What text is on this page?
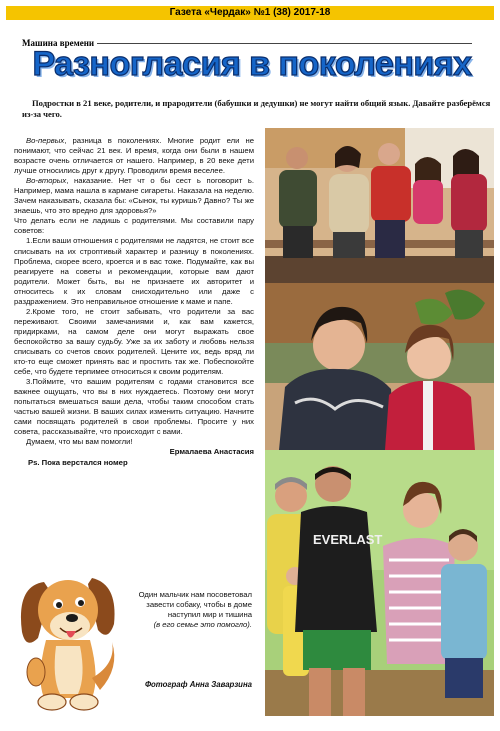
Газета «Чердак» №1 (38) 2017-18
Машина времени
Разногласия в поколениях
Подростки в 21 веке, родители, и прародители (бабушки и дедушки) не могут найти общий язык. Давайте разберёмся из-за чего.

Во-первых, разница в поколениях. Многие родит ели не понимают, что сейчас 21 век. И время, когда они были в нашем возрасте очень отличается от нашего. Например, в 20 веке дети лучше относились друг к другу. Проводили время веселее.

Во-вторых, наказание. Нет чт о бы сест ь поговорит ь. Например, мама нашла в кармане сигареты. Наказала на неделю. Зачем наказывать, сказала бы: «Сынок, ты куришь? Давно? Ты же знаешь, что это вредно для здоровья?»

Что делать если не ладишь с родителями. Мы составили пару советов:

1.Если ваши отношения с родителями не ладятся, не стоит все списывать на их строптивый характер и разницу в поколениях. Проблема, скорее всего, кроется и в вас тоже. Подумайте, как вы реагируете на советы и рекомендации, которые вам дают родители. Может быть, вы не признаете их авторитет и относитесь к их словам снисходительно или даже с раздражением. Это неправильное отношение к маме и папе.

2.Кроме того, не стоит забывать, что родители за вас переживают. Своими замечаниями и, как вам кажется, придирками, на самом деле они могут выражать свое беспокойство за вашу судьбу. Уже за их заботу и любовь нельзя списывать со счетов своих родителей. Цените их, ведь вряд ли кто-то еще сможет принять вас и простить так же. Побеспокойте себе, что будете терпимее относиться к своим родителям.

3.Поймите, что вашим родителям с годами становится все важнее ощущать, что вы в них нуждаетесь. Поэтому они могут попытаться вмешаться ваши дела, чтобы таким способом стать частью вашей жизни. В ваших силах изменить ситуацию. Начните сами посвящать родителей в свои проблемы. Просите у них совета, рассказывайте, что происходит с вами.

Думаем, что мы вам помогли!

Ермалаева Анастасия

Ps. Пока верстался номер

Один мальчик нам посоветовал завести собаку, чтобы в доме наступил мир и тишина
(в его семье это помогло).
Фотограф Анна Заварзина
EVERLAST
